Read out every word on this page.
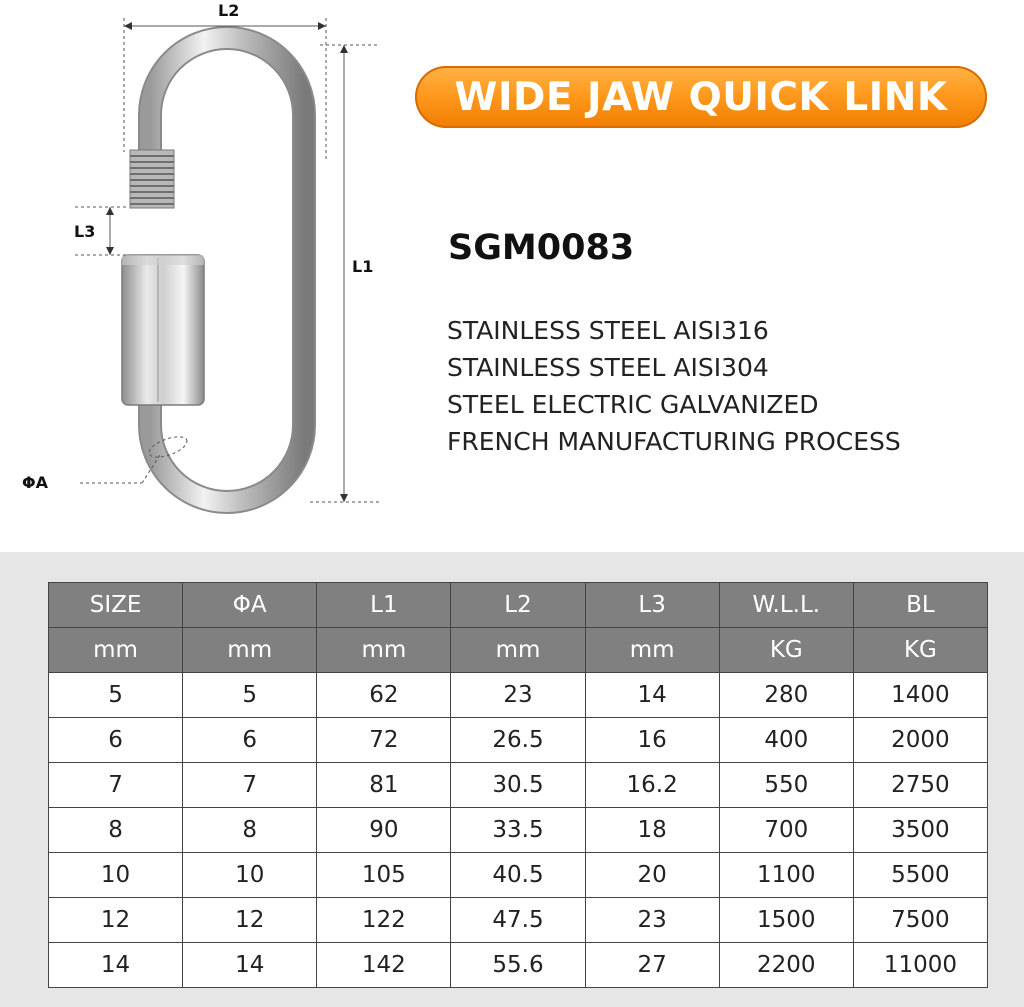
L2
L1
L3
ΦA
WIDE JAW QUICK LINK
SGM0083
STAINLESS STEEL AISI316
STAINLESS STEEL AISI304
STEEL ELECTRIC GALVANIZED
FRENCH MANUFACTURING PROCESS
SIZE	ΦA	L1	L2	L3	W.L.L.	BL
mm	mm	mm	mm	mm	KG	KG
5	5	62	23	14	280	1400
6	6	72	26.5	16	400	2000
7	7	81	30.5	16.2	550	2750
8	8	90	33.5	18	700	3500
10	10	105	40.5	20	1100	5500
12	12	122	47.5	23	1500	7500
14	14	142	55.6	27	2200	11000
